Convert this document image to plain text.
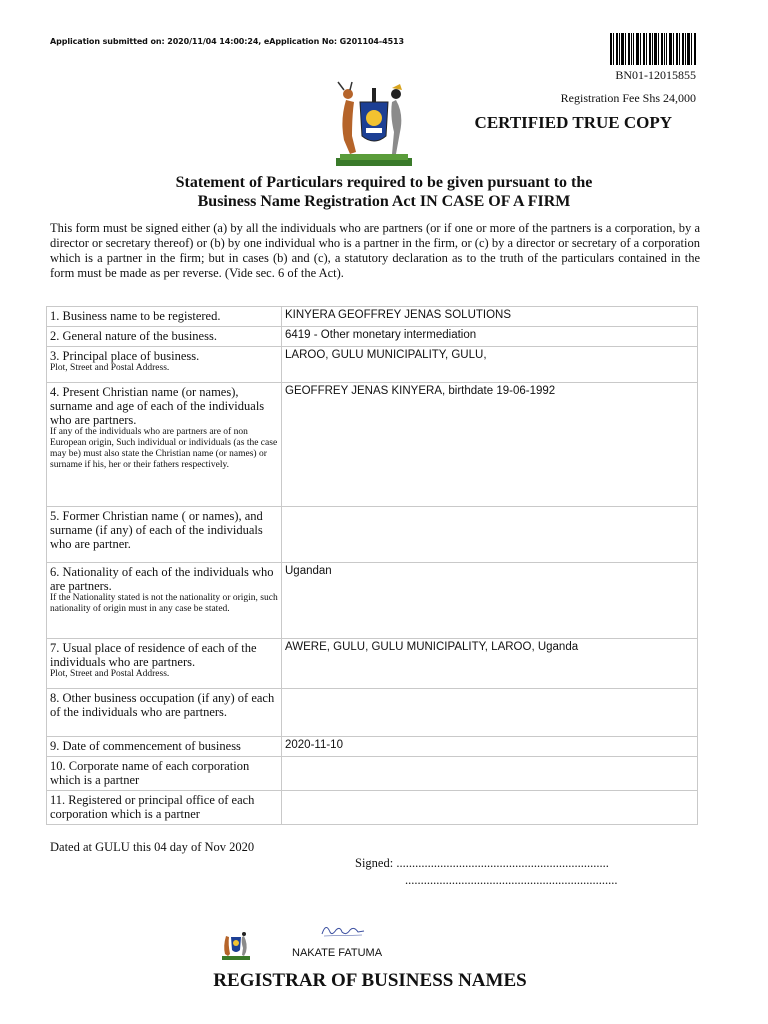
Application submitted on: 2020/11/04 14:00:24, eApplication No: G201104-4513
BN01-12015855
Registration Fee Shs 24,000
CERTIFIED TRUE COPY
Statement of Particulars required to be given pursuant to the
Business Name Registration Act IN CASE OF A FIRM
This form must be signed either (a) by all the individuals who are partners (or if one or more of the partners is a corporation, by a director or secretary thereof) or (b) by one individual who is a partner in the firm, or (c) by a director or secretary of a corporation which is a partner in the firm; but in cases (b) and (c), a statutory declaration as to the truth of the particulars contained in the form must be made as per reverse. (Vide sec. 6 of the Act).
1. Business name to be registered.	KINYERA GEOFFREY JENAS SOLUTIONS
2. General nature of the business.	6419 - Other monetary intermediation
3. Principal place of business.
Plot, Street and Postal Address.	LAROO, GULU MUNICIPALITY, GULU,
4. Present Christian name (or names), surname and age of each of the individuals who are partners.
If any of the individuals who are partners are of non European origin, Such individual or individuals (as the case may be) must also state the Christian name (or names) or surname if his, her or their fathers respectively.	GEOFFREY JENAS KINYERA, birthdate 19-06-1992
5. Former Christian name ( or names), and surname (if any) of each of the individuals who are partner.	
6. Nationality of each of the individuals who are partners.
If the Nationality stated is not the nationality or origin, such nationality of origin must in any case be stated.	Ugandan
7. Usual place of residence of each of the individuals who are partners.
Plot, Street and Postal Address.	AWERE, GULU, GULU MUNICIPALITY, LAROO, Uganda
8. Other business occupation (if any) of each of the individuals who are partners.	
9. Date of commencement of business	2020-11-10
10. Corporate name of each corporation which is a partner	
11. Registered or principal office of each corporation which is a partner	
Dated at GULU this 04 day of Nov 2020
Signed: ....................................................................
....................................................................
NAKATE FATUMA
REGISTRAR OF BUSINESS NAMES
